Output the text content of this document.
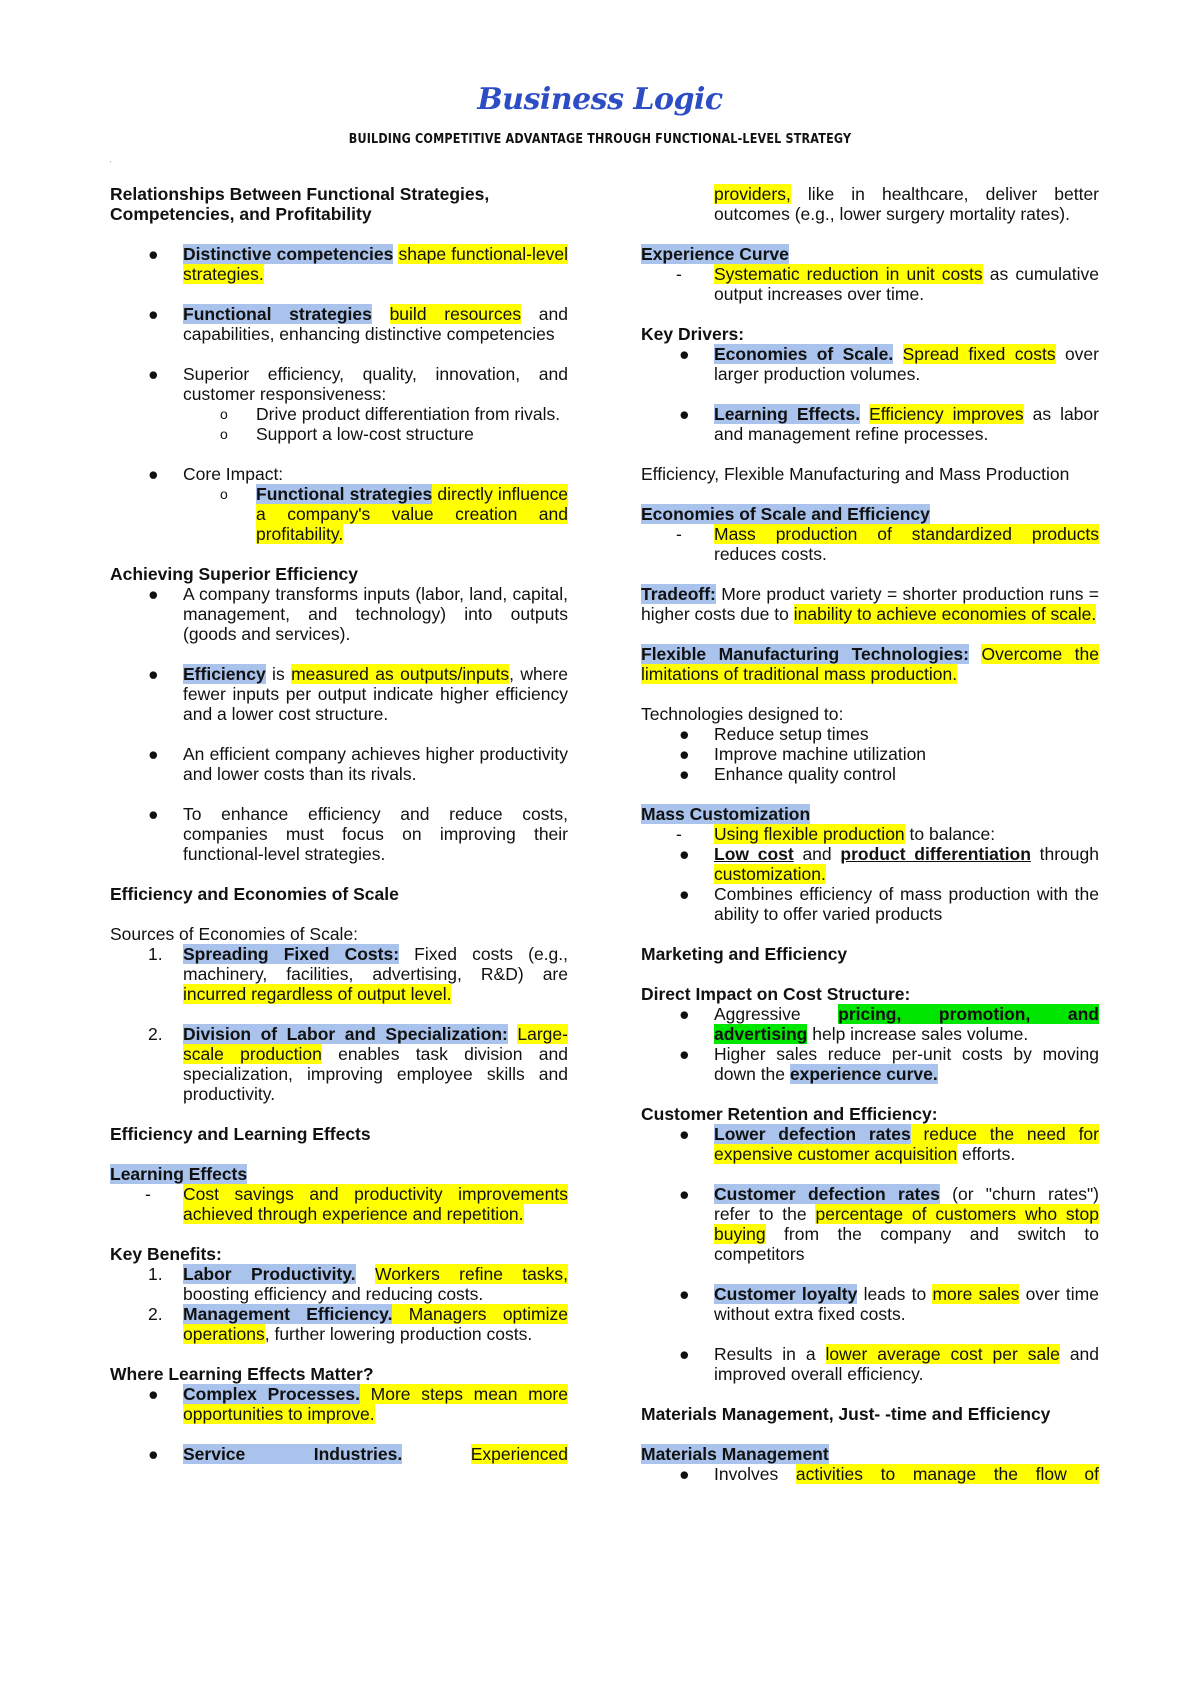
Business Logic
BUILDING COMPETITIVE ADVANTAGE THROUGH FUNCTIONAL-LEVEL STRATEGY
'

Relationships Between Functional Strategies, Competencies, and Profitability

●	Distinctive competencies shape functional-level strategies.

●	Functional strategies build resources and capabilities, enhancing distinctive competencies

●	Superior efficiency, quality, innovation, and customer responsiveness:

o Drive product differentiation from rivals.

o Support a low-cost structure

●	Core Impact:

o Functional strategies directly influence a company's value creation and profitability.

Achieving Superior Efficiency

●	A company transforms inputs (labor, land, capital, management, and technology) into outputs (goods and services).

●	Efficiency is measured as outputs/inputs, where fewer inputs per output indicate higher efficiency and a lower cost structure.

●	An efficient company achieves higher productivity and lower costs than its rivals.

●	To enhance efficiency and reduce costs, companies must focus on improving their functional-level strategies.

Efficiency and Economies of Scale

Sources of Economies of Scale:

1.	Spreading Fixed Costs: Fixed costs (e.g., machinery, facilities, advertising, R&D) are incurred regardless of output level.

2.	Division of Labor and Specialization: Large-scale production enables task division and specialization, improving employee skills and productivity.

Efficiency and Learning Effects

Learning Effects

- Cost savings and productivity improvements achieved through experience and repetition.

Key Benefits:

1.	Labor Productivity. Workers refine tasks, boosting efficiency and reducing costs.

2.	Management Efficiency. Managers optimize operations, further lowering production costs.

Where Learning Effects Matter?

●	Complex Processes. More steps mean more opportunities to improve.

●	Service Industries.	Experienced

providers, like in healthcare, deliver better outcomes (e.g., lower surgery mortality rates).

Experience Curve

- Systematic reduction in unit costs as cumulative output increases over time.

Key Drivers:

●	Economies of Scale. Spread fixed costs over larger production volumes.

●	Learning Effects. Efficiency improves as labor and management refine processes.

Efficiency, Flexible Manufacturing and Mass Production

Economies of Scale and Efficiency

- Mass production of standardized products reduces costs.

Tradeoff: More product variety = shorter production runs = higher costs due to inability to achieve economies of scale.

Flexible Manufacturing Technologies: Overcome the limitations of traditional mass production.

Technologies designed to:

●	Reduce setup times

●	Improve machine utilization

●	Enhance quality control

Mass Customization

- Using flexible production to balance:

●	Low cost and product differentiation through customization.

●	Combines efficiency of mass production with the ability to offer varied products

Marketing and Efficiency

Direct Impact on Cost Structure:

●	Aggressive pricing, promotion, and advertising help increase sales volume.

●	Higher sales reduce per-unit costs by moving down the experience curve.

Customer Retention and Efficiency:

●	Lower defection rates reduce the need for expensive customer acquisition efforts.

●	Customer defection rates (or "churn rates") refer to the percentage of customers who stop buying from the company and switch to competitors

●	Customer loyalty leads to more sales over time without extra fixed costs.

●	Results in a lower average cost per sale and improved overall efficiency.

Materials Management, Just- -time and Efficiency

Materials Management

●	Involves activities to manage the flow of
